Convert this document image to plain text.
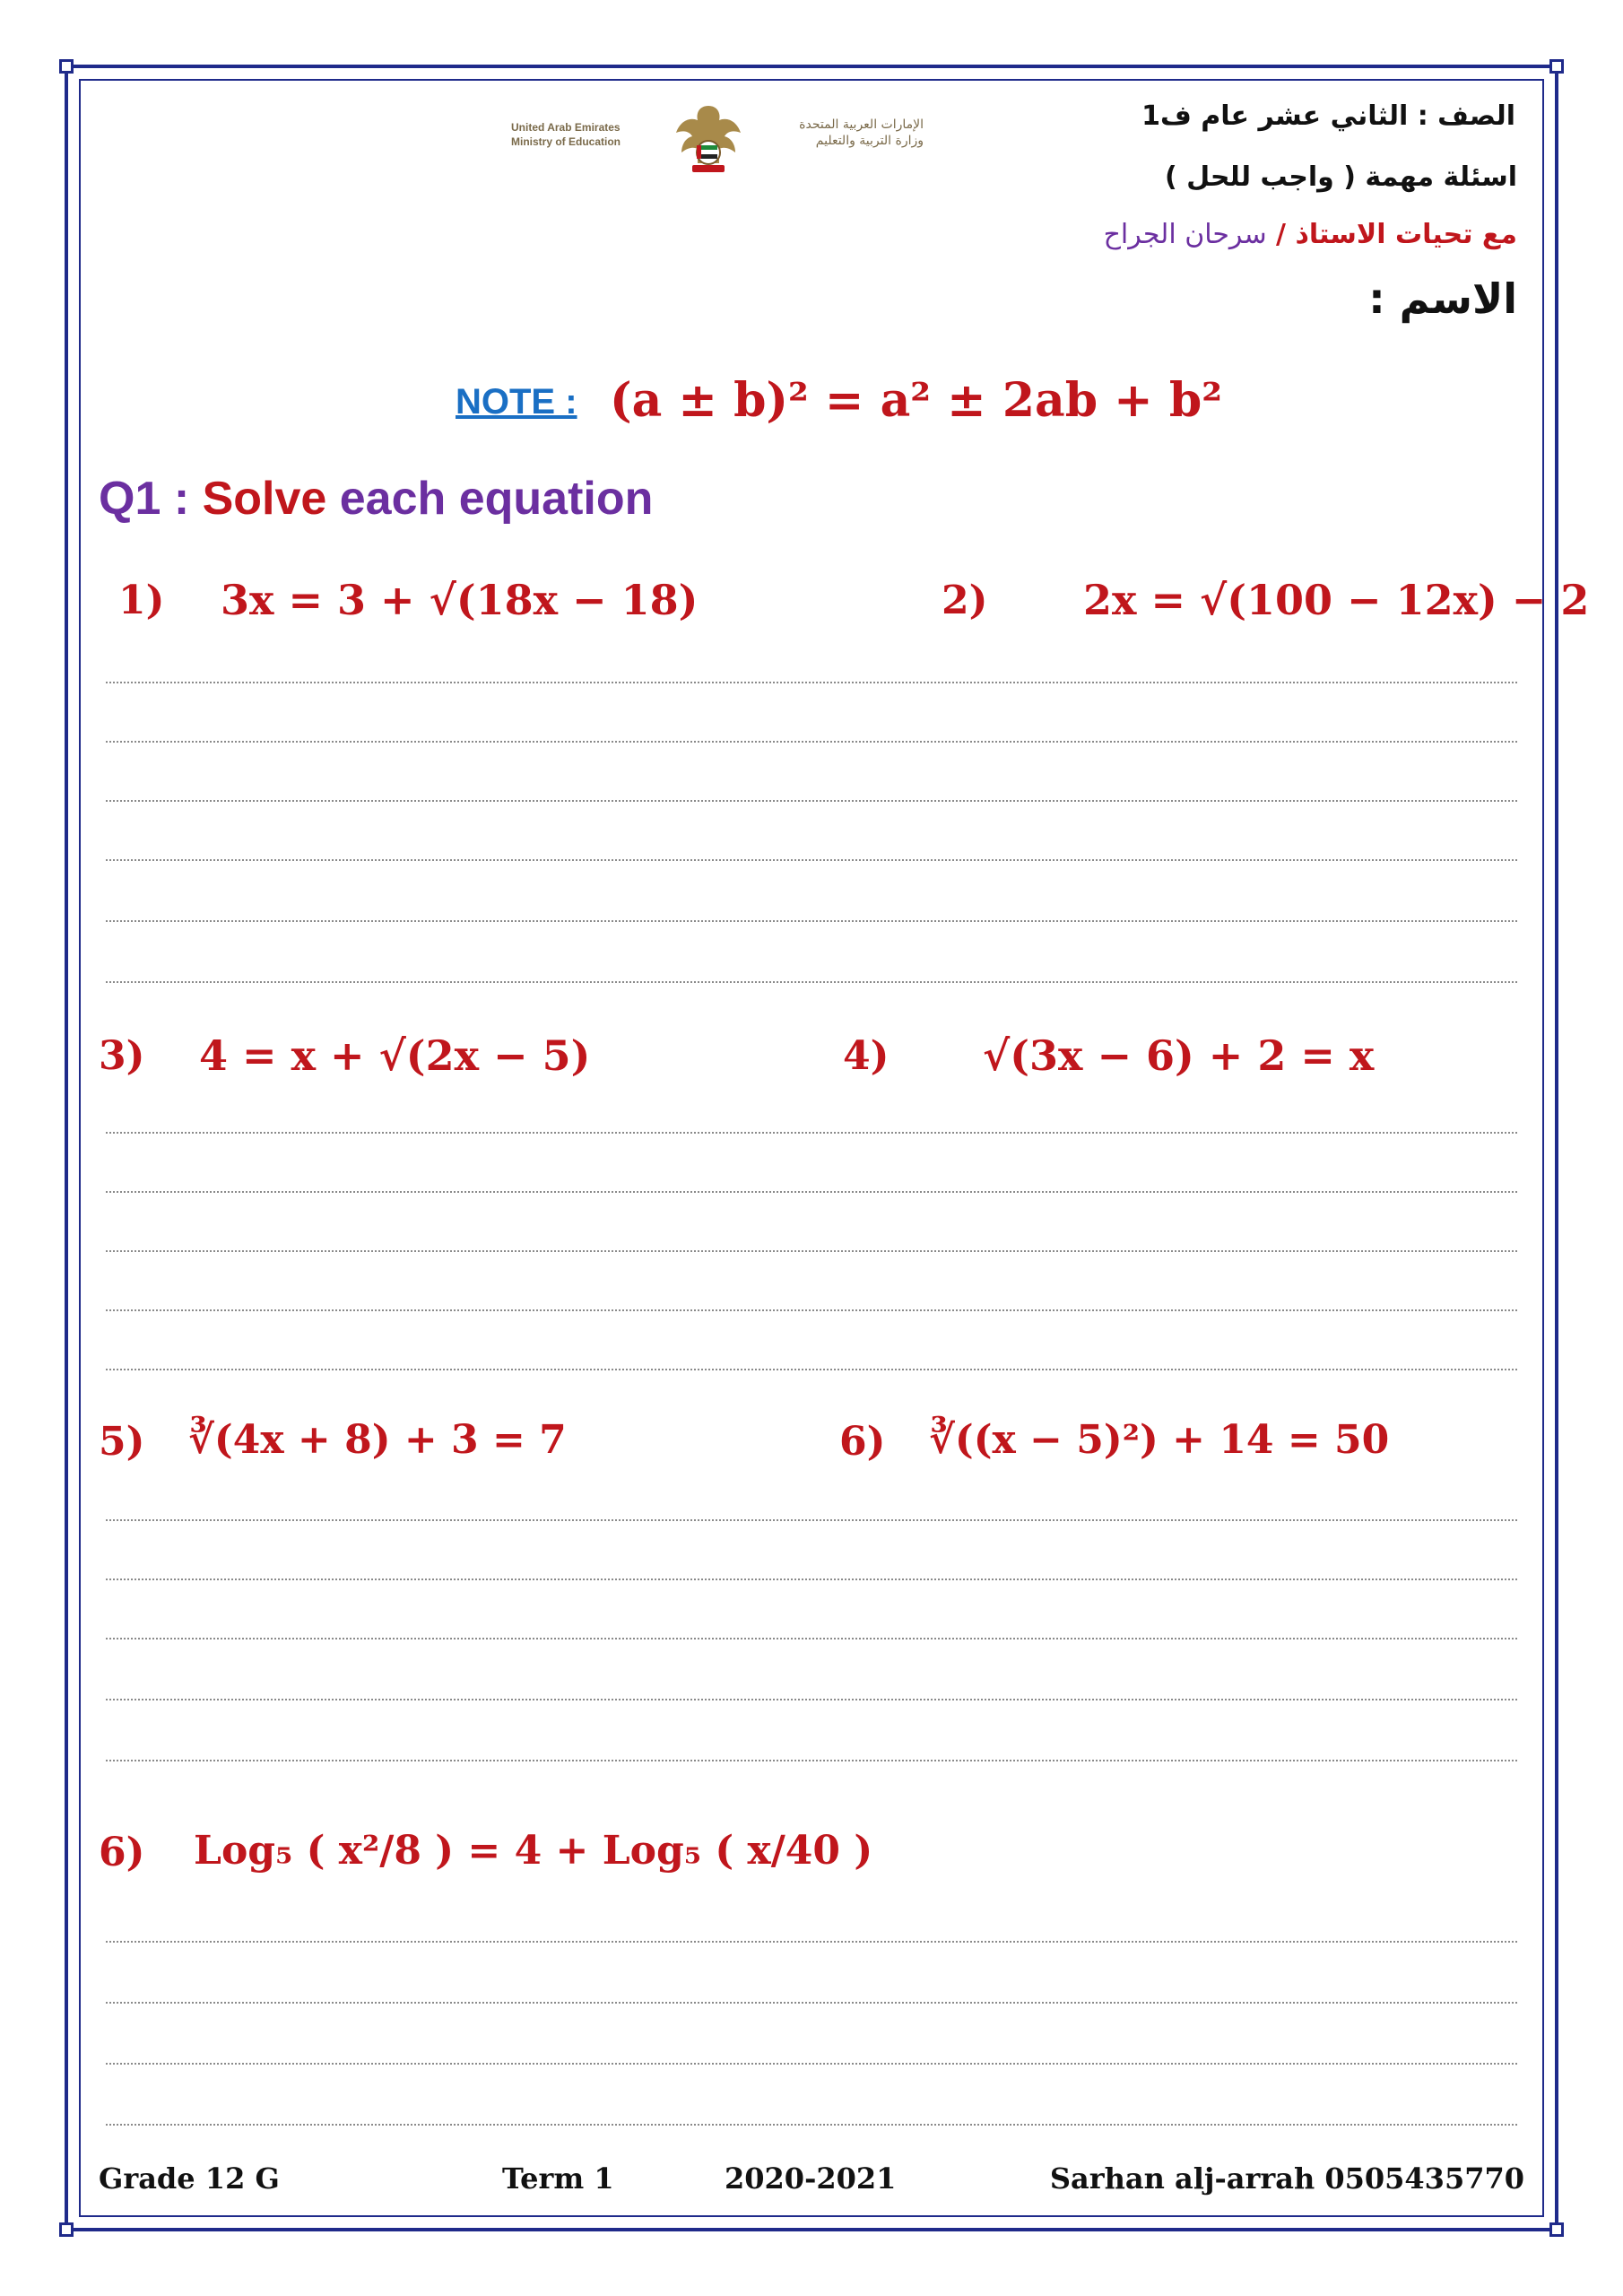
United Arab Emirates
Ministry of Education
الإمارات العربية المتحدة
وزارة التربية والتعليم
الصف : الثاني عشر عام ف1
اسئلة مهمة ( واجب للحل )
مع تحيات الاستاذ / سرحان الجراح
الاسم :
NOTE : (a ± b)² = a² ± 2ab + b²
Q1 : Solve each equation
1) 3x = 3 + √(18x − 18)	2) 2x = √(100 − 12x) − 2
3) 4 = x + √(2x − 5)	4) √(3x − 6) + 2 = x
5) ∛(4x + 8) + 3 = 7	6) ∛((x − 5)²) + 14 = 50
6) Log₅ ( x²/8 ) = 4 + Log₅ ( x/40 )
Grade 12 G	Term 1	2020-2021	Sarhan alj-arrah 0505435770
